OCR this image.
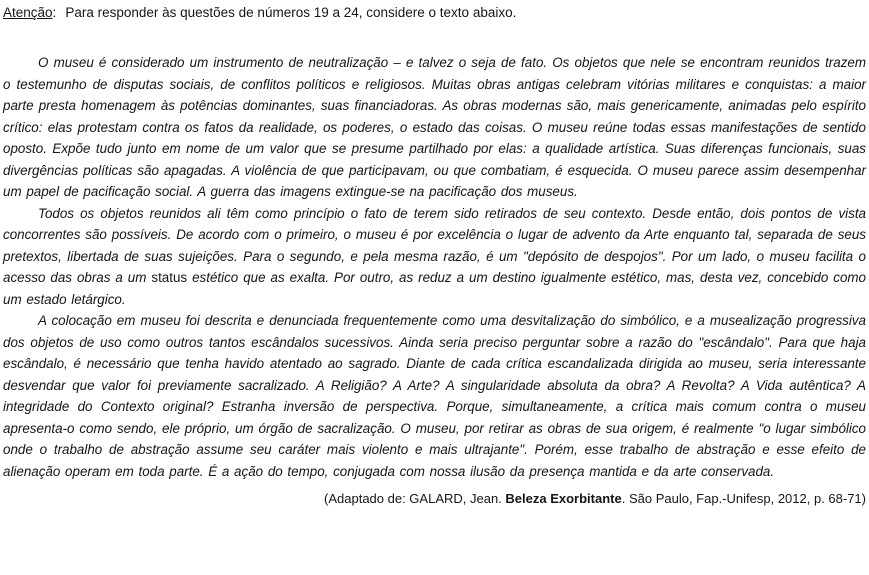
Atenção: Para responder às questões de números 19 a 24, considere o texto abaixo.

O museu é considerado um instrumento de neutralização – e talvez o seja de fato. Os objetos que nele se encontram reunidos trazem o testemunho de disputas sociais, de conflitos políticos e religiosos. Muitas obras antigas celebram vitórias militares e conquistas: a maior parte presta homenagem às potências dominantes, suas financiadoras. As obras modernas são, mais genericamente, animadas pelo espírito crítico: elas protestam contra os fatos da realidade, os poderes, o estado das coisas. O museu reúne todas essas manifestações de sentido oposto. Expõe tudo junto em nome de um valor que se presume partilhado por elas: a qualidade artística. Suas diferenças funcionais, suas divergências políticas são apagadas. A violência de que participavam, ou que combatiam, é esquecida. O museu parece assim desempenhar um papel de pacificação social. A guerra das imagens extingue-se na pacificação dos museus.

Todos os objetos reunidos ali têm como princípio o fato de terem sido retirados de seu contexto. Desde então, dois pontos de vista concorrentes são possíveis. De acordo com o primeiro, o museu é por excelência o lugar de advento da Arte enquanto tal, separada de seus pretextos, libertada de suas sujeições. Para o segundo, e pela mesma razão, é um "depósito de despojos". Por um lado, o museu facilita o acesso das obras a um status estético que as exalta. Por outro, as reduz a um destino igualmente estético, mas, desta vez, concebido como um estado letárgico.

A colocação em museu foi descrita e denunciada frequentemente como uma desvitalização do simbólico, e a musealização progressiva dos objetos de uso como outros tantos escândalos sucessivos. Ainda seria preciso perguntar sobre a razão do "escândalo". Para que haja escândalo, é necessário que tenha havido atentado ao sagrado. Diante de cada crítica escandalizada dirigida ao museu, seria interessante desvendar que valor foi previamente sacralizado. A Religião? A Arte? A singularidade absoluta da obra? A Revolta? A Vida autêntica? A integridade do Contexto original? Estranha inversão de perspectiva. Porque, simultaneamente, a crítica mais comum contra o museu apresenta-o como sendo, ele próprio, um órgão de sacralização. O museu, por retirar as obras de sua origem, é realmente "o lugar simbólico onde o trabalho de abstração assume seu caráter mais violento e mais ultrajante". Porém, esse trabalho de abstração e esse efeito de alienação operam em toda parte. É a ação do tempo, conjugada com nossa ilusão da presença mantida e da arte conservada.

(Adaptado de: GALARD, Jean. Beleza Exorbitante. São Paulo, Fap.-Unifesp, 2012, p. 68-71)
